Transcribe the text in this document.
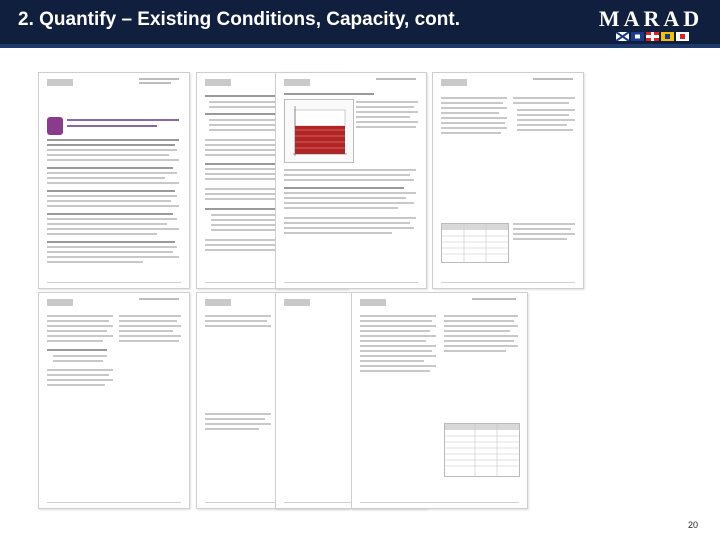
2. Quantify – Existing Conditions, Capacity, cont.	MARAD
20
